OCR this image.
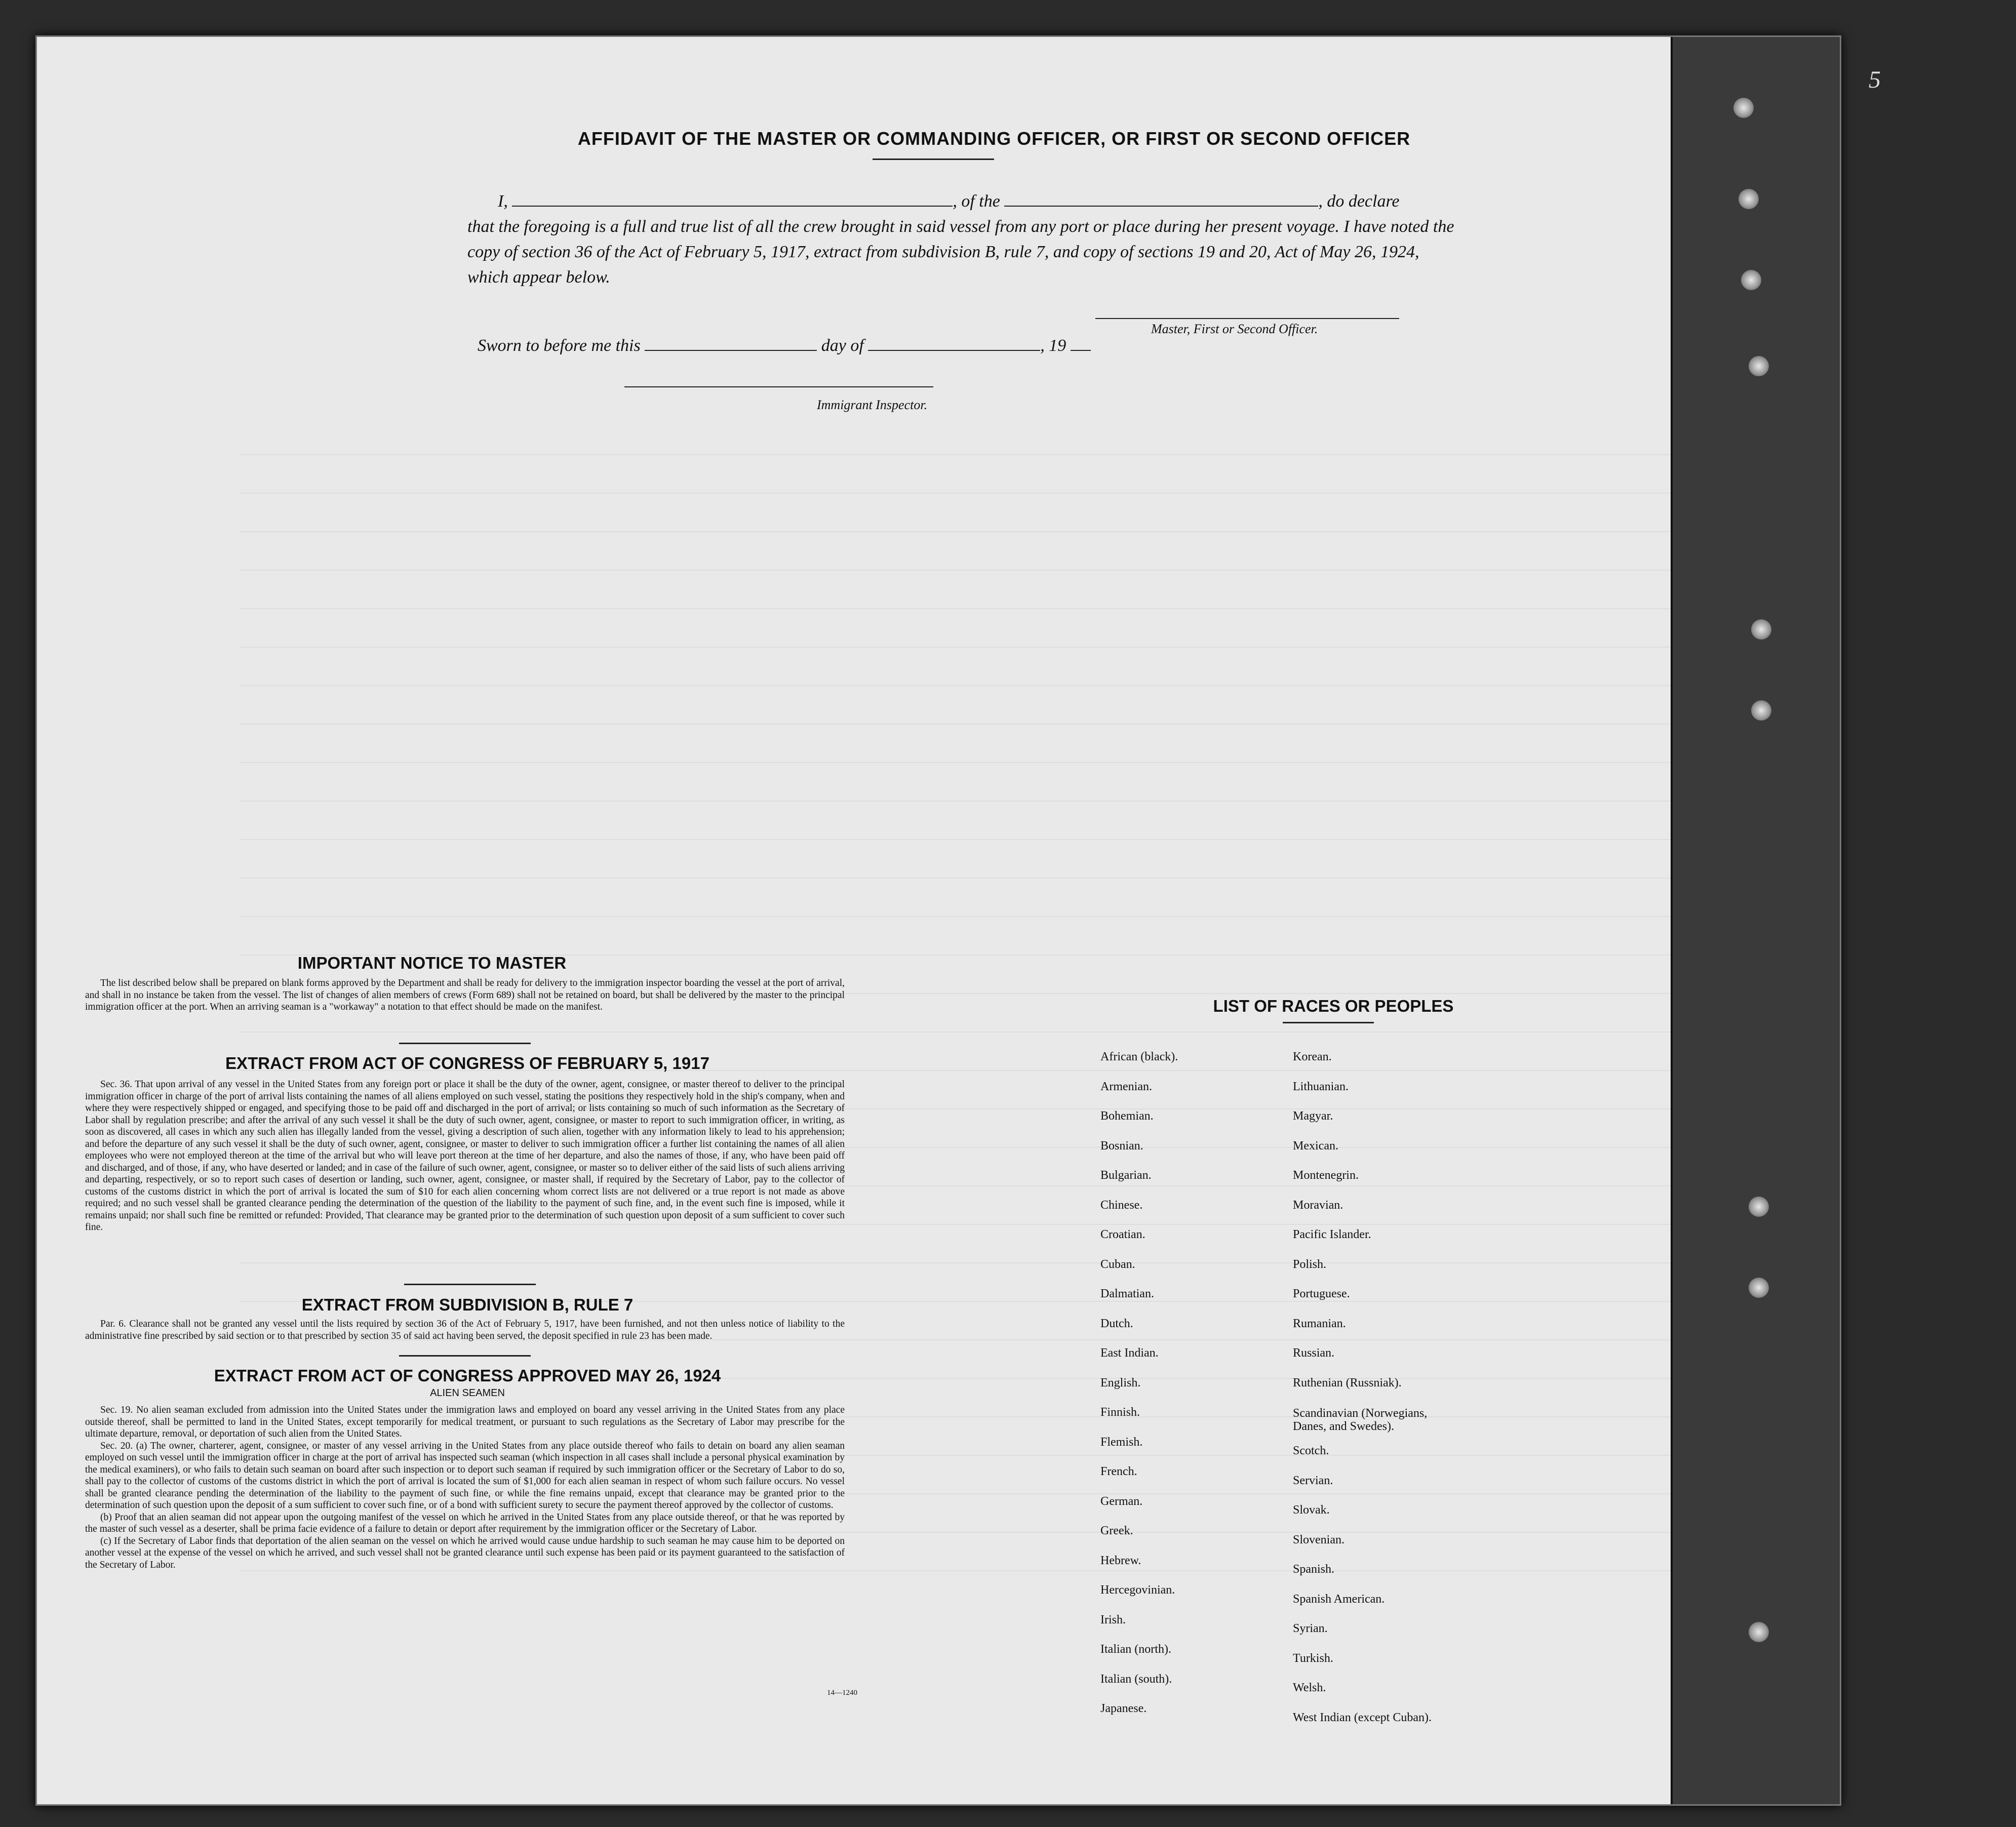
AFFIDAVIT OF THE MASTER OR COMMANDING OFFICER, OR FIRST OR SECOND OFFICER
I,	, of the	, do declare
that the foregoing is a full and true list of all the crew brought in said vessel from any port or place during her present voyage. I have noted the copy of section 36 of the Act of February 5, 1917, extract from subdivision B, rule 7, and copy of sections 19 and 20, Act of May 26, 1924, which appear below.
Master, First or Second Officer.
Sworn to before me this	day of	, 19
Immigrant Inspector.
IMPORTANT NOTICE TO MASTER

The list described below shall be prepared on blank forms approved by the Department and shall be ready for delivery to the immigration inspector boarding the vessel at the port of arrival, and shall in no instance be taken from the vessel. The list of changes of alien members of crews (Form 689) shall not be retained on board, but shall be delivered by the master to the principal immigration officer at the port. When an arriving seaman is a "workaway" a notation to that effect should be made on the manifest.

EXTRACT FROM ACT OF CONGRESS OF FEBRUARY 5, 1917

Sec. 36. That upon arrival of any vessel in the United States from any foreign port or place it shall be the duty of the owner, agent, consignee, or master thereof to deliver to the principal immigration officer in charge of the port of arrival lists containing the names of all aliens employed on such vessel, stating the positions they respectively hold in the ship's company, when and where they were respectively shipped or engaged, and specifying those to be paid off and discharged in the port of arrival; or lists containing so much of such information as the Secretary of Labor shall by regulation prescribe; and after the arrival of any such vessel it shall be the duty of such owner, agent, consignee, or master to report to such immigration officer, in writing, as soon as discovered, all cases in which any such alien has illegally landed from the vessel, giving a description of such alien, together with any information likely to lead to his apprehension; and before the departure of any such vessel it shall be the duty of such owner, agent, consignee, or master to deliver to such immigration officer a further list containing the names of all alien employees who were not employed thereon at the time of the arrival but who will leave port thereon at the time of her departure, and also the names of those, if any, who have been paid off and discharged, and of those, if any, who have deserted or landed; and in case of the failure of such owner, agent, consignee, or master so to deliver either of the said lists of such aliens arriving and departing, respectively, or so to report such cases of desertion or landing, such owner, agent, consignee, or master shall, if required by the Secretary of Labor, pay to the collector of customs of the customs district in which the port of arrival is located the sum of $10 for each alien concerning whom correct lists are not delivered or a true report is not made as above required; and no such vessel shall be granted clearance pending the determination of the question of the liability to the payment of such fine, and, in the event such fine is imposed, while it remains unpaid; nor shall such fine be remitted or refunded: Provided, That clearance may be granted prior to the determination of such question upon deposit of a sum sufficient to cover such fine.

EXTRACT FROM SUBDIVISION B, RULE 7

Par. 6. Clearance shall not be granted any vessel until the lists required by section 36 of the Act of February 5, 1917, have been furnished, and not then unless notice of liability to the administrative fine prescribed by said section or to that prescribed by section 35 of said act having been served, the deposit specified in rule 23 has been made.

EXTRACT FROM ACT OF CONGRESS APPROVED MAY 26, 1924
ALIEN SEAMEN

Sec. 19. No alien seaman excluded from admission into the United States under the immigration laws and employed on board any vessel arriving in the United States from any place outside thereof, shall be permitted to land in the United States, except temporarily for medical treatment, or pursuant to such regulations as the Secretary of Labor may prescribe for the ultimate departure, removal, or deportation of such alien from the United States.

Sec. 20. (a) The owner, charterer, agent, consignee, or master of any vessel arriving in the United States from any place outside thereof who fails to detain on board any alien seaman employed on such vessel until the immigration officer in charge at the port of arrival has inspected such seaman (which inspection in all cases shall include a personal physical examination by the medical examiners), or who fails to detain such seaman on board after such inspection or to deport such seaman if required by such immigration officer or the Secretary of Labor to do so, shall pay to the collector of customs of the customs district in which the port of arrival is located the sum of $1,000 for each alien seaman in respect of whom such failure occurs. No vessel shall be granted clearance pending the determination of the liability to the payment of such fine, or while the fine remains unpaid, except that clearance may be granted prior to the determination of such question upon the deposit of a sum sufficient to cover such fine, or of a bond with sufficient surety to secure the payment thereof approved by the collector of customs.

(b) Proof that an alien seaman did not appear upon the outgoing manifest of the vessel on which he arrived in the United States from any place outside thereof, or that he was reported by the master of such vessel as a deserter, shall be prima facie evidence of a failure to detain or deport after requirement by the immigration officer or the Secretary of Labor.

(c) If the Secretary of Labor finds that deportation of the alien seaman on the vessel on which he arrived would cause undue hardship to such seaman he may cause him to be deported on another vessel at the expense of the vessel on which he arrived, and such vessel shall not be granted clearance until such expense has been paid or its payment guaranteed to the satisfaction of the Secretary of Labor.

14—1240
LIST OF RACES OR PEOPLES
African (black).
Armenian.
Bohemian.
Bosnian.
Bulgarian.
Chinese.
Croatian.
Cuban.
Dalmatian.
Dutch.
East Indian.
English.
Finnish.
Flemish.
French.
German.
Greek.
Hebrew.
Hercegovinian.
Irish.
Italian (north).
Italian (south).
Japanese.
Korean.
Lithuanian.
Magyar.
Mexican.
Montenegrin.
Moravian.
Pacific Islander.
Polish.
Portuguese.
Rumanian.
Russian.
Ruthenian (Russniak).
Scandinavian (Norwegians,
Danes, and Swedes).
Scotch.
Servian.
Slovak.
Slovenian.
Spanish.
Spanish American.
Syrian.
Turkish.
Welsh.
West Indian (except Cuban).
5
